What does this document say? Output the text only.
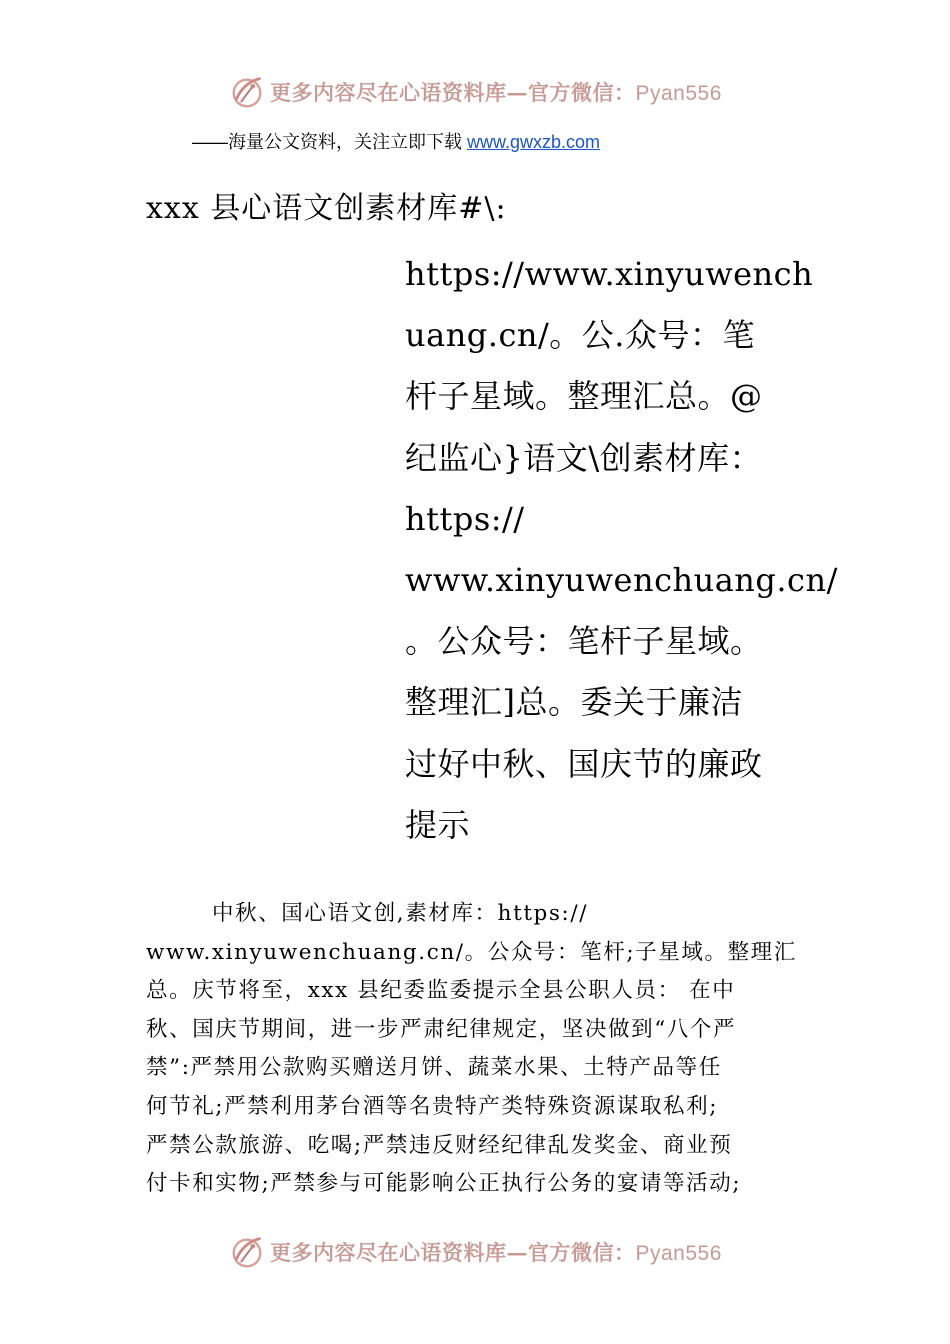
更多内容尽在心语资料库—官方微信：Pyan556
——海量公文资料，关注立即下载 www.gwxzb.com
xxx 县心语文创素材库#\:
https://www.xinyuwench
uang.cn/。公.众号：笔
杆子星域。整理汇总。@
纪监心}语文\创素材库：
https://
www.xinyuwenchuang.cn/
。公众号：笔杆子星域。
整理汇]总。委关于廉洁
过好中秋、国庆节的廉政
提示
中秋、国心语文创,素材库：https://
www.xinyuwenchuang.cn/。公众号：笔杆;子星域。整理汇
总。庆节将至，xxx 县纪委监委提示全县公职人员： 在中
秋、国庆节期间，进一步严肃纪律规定，坚决做到“八个严
禁”:严禁用公款购买赠送月饼、蔬菜水果、土特产品等任
何节礼;严禁利用茅台酒等名贵特产类特殊资源谋取私利;
严禁公款旅游、吃喝;严禁违反财经纪律乱发奖金、商业预
付卡和实物;严禁参与可能影响公正执行公务的宴请等活动;
更多内容尽在心语资料库—官方微信：Pyan556
